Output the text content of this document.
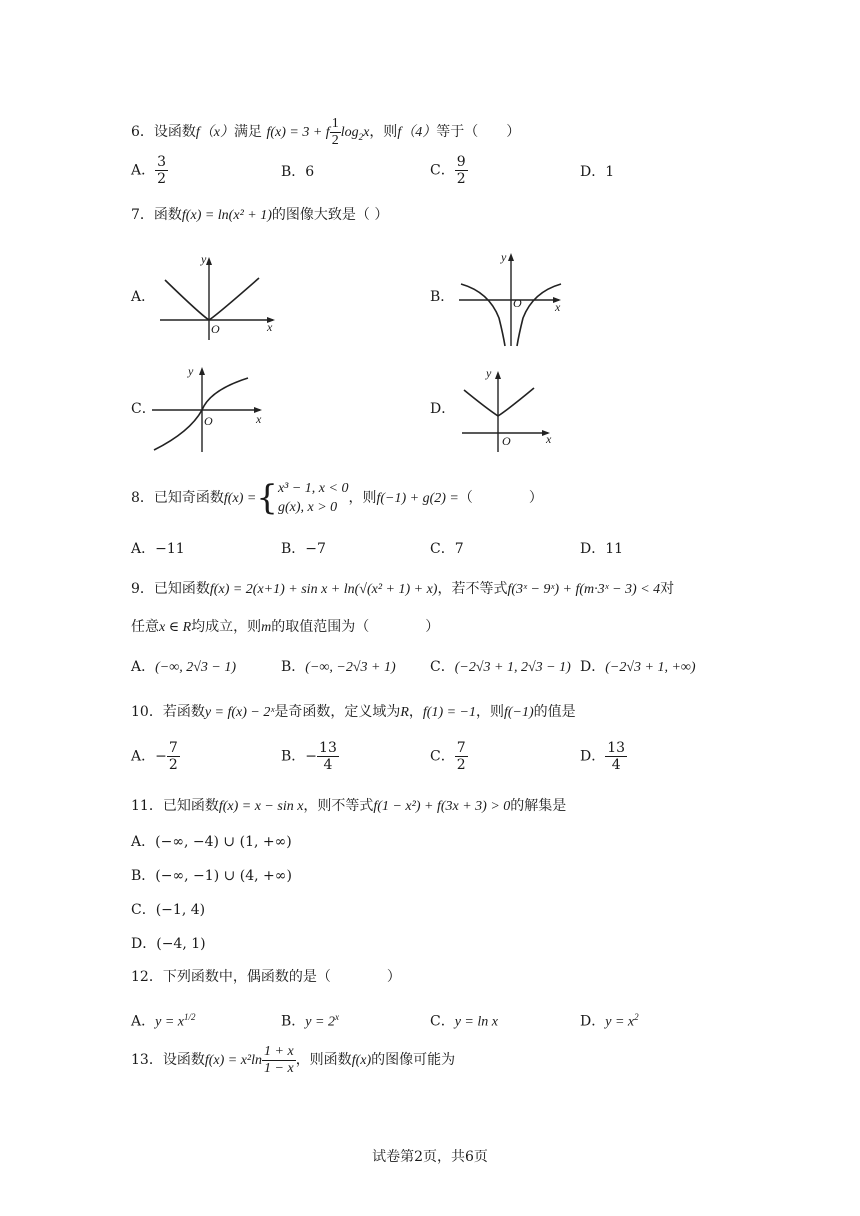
6．设函数f（x）满足 f(x) = 3 + f $\frac{1}{2} \log_2x$，则f（4）等于（　　）
A． $\frac{3}{2}$	B．6	C． $\frac{9}{2}$	D．1
7．函数f(x) = ln(x² + 1)的图像大致是（ ）
A．
y
x
O
B．
y
x
O
C．
y
x
O
D．
y
x
O
8．已知奇函数f(x) ={ x³ − 1, x < 0
g(x), x > 0
，则f(−1) + g(2) =（　　　　）
A．−11	B．−7	C．7	D．11
9．已知函数f(x) = 2(x+1) + sin x + ln(√(x² + 1) + x)，若不等式f(3ˣ − 9ˣ) + f(m·3ˣ − 3) < 4对
任意x ∈ R均成立，则m的取值范围为（　　　　）
A．(−∞, 2√3 − 1)	B．(−∞, −2√3 + 1) C．(−2√3 + 1, 2√3 − 1) D．(−2√3 + 1, +∞)
10．若函数y = f(x) − 2ˣ是奇函数，定义域为R，f(1) = −1，则f(−1)的值是
A．− $\frac{7}{2}$	B．− $\frac{13}{4}$	C． $\frac{7}{2}$	D． $\frac{13}{4}$
11．已知函数f(x) = x − sin x，则不等式f(1 − x²) + f(3x + 3) > 0的解集是
A．(−∞, −4) ∪ (1, +∞)
B．(−∞, −1) ∪ (4, +∞)
C．(−1, 4)
D．(−4, 1)
12．下列函数中，偶函数的是（　　　　）
A．$y = x^{1/2}$	B．$y = 2^x$	C．y = ln x	D．$y = x^2$
13．设函数$f(x) = x^2\ln \frac{1 + x}{1 - x}$ ，则函数f(x)的图像可能为
试卷第2页，共6页
